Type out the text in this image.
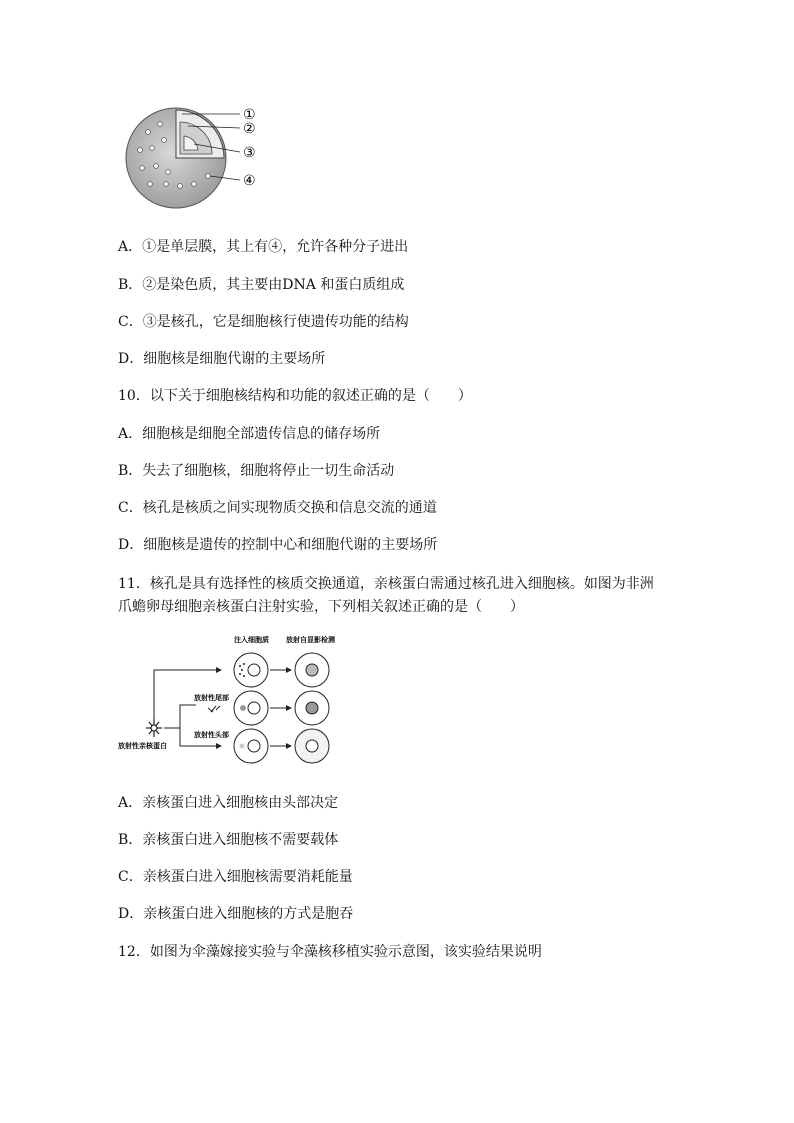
①
②
③
④
A．①是单层膜，其上有④，允许各种分子进出
B．②是染色质，其主要由DNA 和蛋白质组成
C．③是核孔，它是细胞核行使遗传功能的结构
D．细胞核是细胞代谢的主要场所
10．以下关于细胞核结构和功能的叙述正确的是（　　）
A．细胞核是细胞全部遗传信息的储存场所
B．失去了细胞核，细胞将停止一切生命活动
C．核孔是核质之间实现物质交换和信息交流的通道
D．细胞核是遗传的控制中心和细胞代谢的主要场所
11．核孔是具有选择性的核质交换通道，亲核蛋白需通过核孔进入细胞核。如图为非洲
爪蟾卵母细胞亲核蛋白注射实验，下列相关叙述正确的是（　　）
注入细胞质 放射自显影检测
放射性尾部
放射性头部
放射性亲核蛋白
A．亲核蛋白进入细胞核由头部决定
B．亲核蛋白进入细胞核不需要载体
C．亲核蛋白进入细胞核需要消耗能量
D．亲核蛋白进入细胞核的方式是胞吞
12．如图为伞藻嫁接实验与伞藻核移植实验示意图，该实验结果说明
